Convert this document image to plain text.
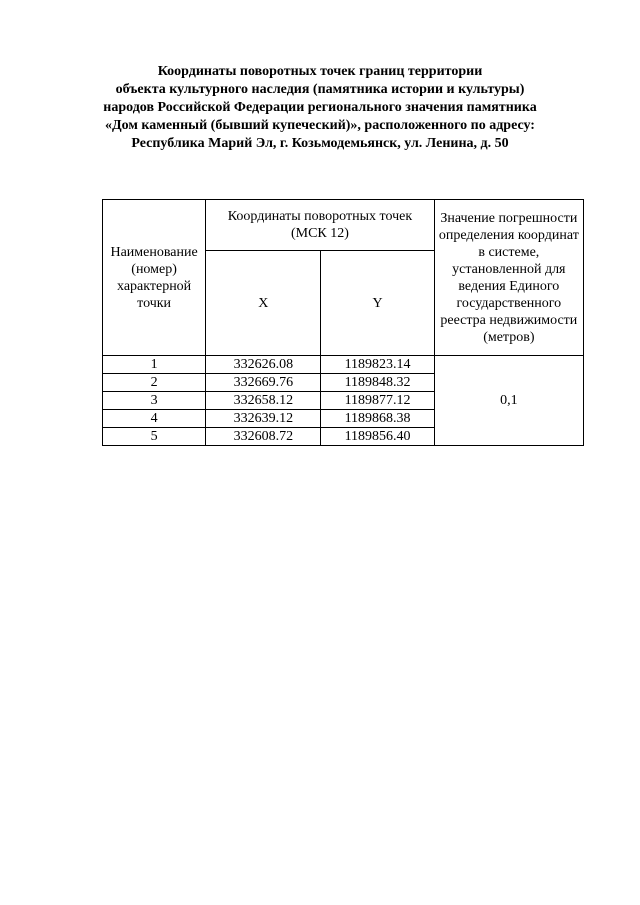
Координаты поворотных точек границ территории
объекта культурного наследия (памятника истории и культуры)
народов Российской Федерации регионального значения памятника
«Дом каменный (бывший купеческий)», расположенного по адресу:
Республика Марий Эл, г. Козьмодемьянск, ул. Ленина, д. 50
Наименование (номер) характерной точки	Координаты поворотных точек (МСК 12)		Значение погрешности определения координат в системе, установленной для ведения Единого государственного реестра недвижимости (метров)
	X	Y	
1	332626.08	1189823.14	0,1
2	332669.76	1189848.32	
3	332658.12	1189877.12	
4	332639.12	1189868.38	
5	332608.72	1189856.40	
